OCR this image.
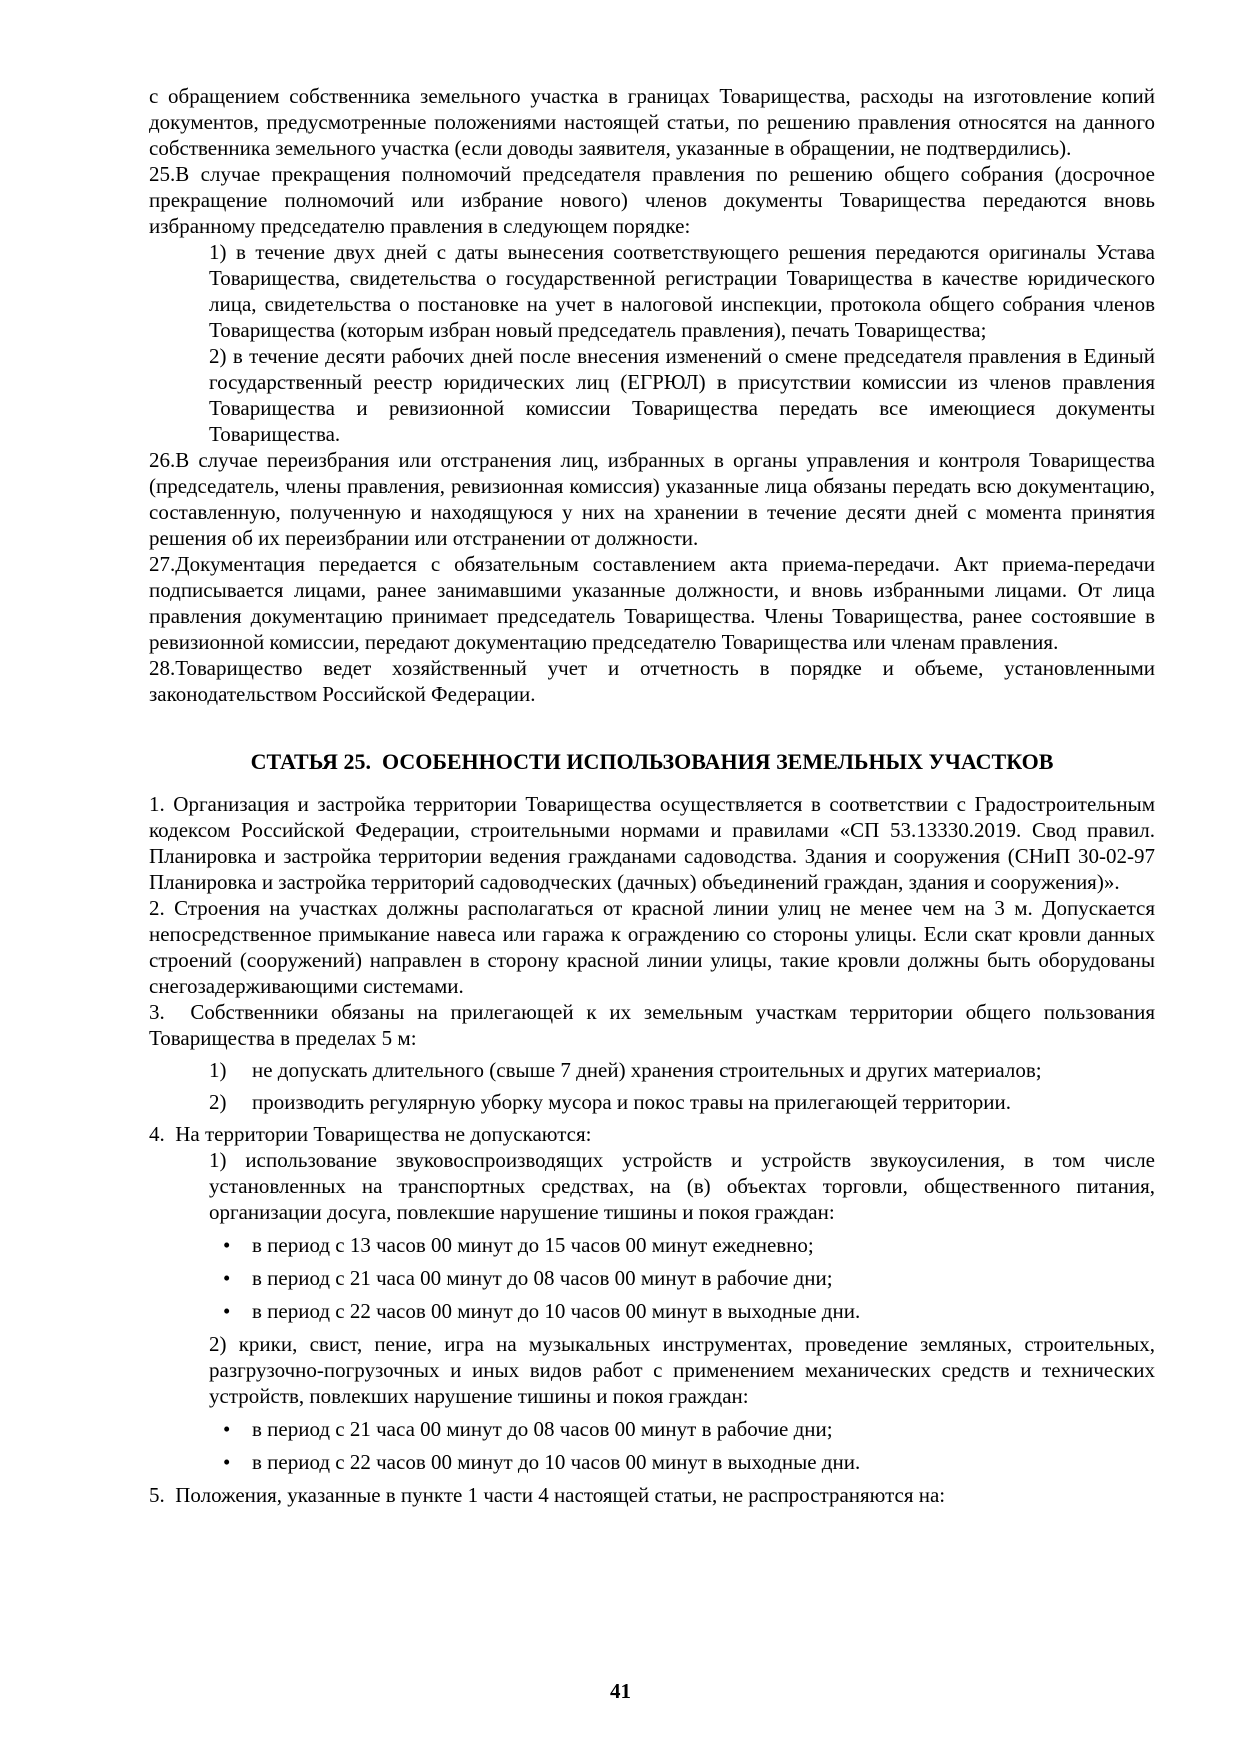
с обращением собственника земельного участка в границах Товарищества, расходы на изготовление копий документов, предусмотренные положениями настоящей статьи, по решению правления относятся на данного собственника земельного участка (если доводы заявителя, указанные в обращении, не подтвердились).
25.В случае прекращения полномочий председателя правления по решению общего собрания (досрочное прекращение полномочий или избрание нового) членов документы Товарищества передаются вновь избранному председателю правления в следующем порядке:
1) в течение двух дней с даты вынесения соответствующего решения передаются оригиналы Устава Товарищества, свидетельства о государственной регистрации Товарищества в качестве юридического лица, свидетельства о постановке на учет в налоговой инспекции, протокола общего собрания членов Товарищества (которым избран новый председатель правления), печать Товарищества;
2) в течение десяти рабочих дней после внесения изменений о смене председателя правления в Единый государственный реестр юридических лиц (ЕГРЮЛ) в присутствии комиссии из членов правления Товарищества и ревизионной комиссии Товарищества передать все имеющиеся документы Товарищества.
26.В случае переизбрания или отстранения лиц, избранных в органы управления и контроля Товарищества (председатель, члены правления, ревизионная комиссия) указанные лица обязаны передать всю документацию, составленную, полученную и находящуюся у них на хранении в течение десяти дней с момента принятия решения об их переизбрании или отстранении от должности.
27.Документация передается с обязательным составлением акта приема-передачи. Акт приема-передачи подписывается лицами, ранее занимавшими указанные должности, и вновь избранными лицами. От лица правления документацию принимает председатель Товарищества. Члены Товарищества, ранее состоявшие в ревизионной комиссии, передают документацию председателю Товарищества или членам правления.
28.Товарищество ведет хозяйственный учет и отчетность в порядке и объеме, установленными законодательством Российской Федерации.
СТАТЬЯ 25.  ОСОБЕННОСТИ ИСПОЛЬЗОВАНИЯ ЗЕМЕЛЬНЫХ УЧАСТКОВ
1. Организация и застройка территории Товарищества осуществляется в соответствии с Градостроительным кодексом Российской Федерации, строительными нормами и правилами «СП 53.13330.2019. Свод правил. Планировка и застройка территории ведения гражданами садоводства. Здания и сооружения (СНиП 30-02-97 Планировка и застройка территорий садоводческих (дачных) объединений граждан, здания и сооружения)».
2. Строения на участках должны располагаться от красной линии улиц не менее чем на 3 м. Допускается непосредственное примыкание навеса или гаража к ограждению со стороны улицы. Если скат кровли данных строений (сооружений) направлен в сторону красной линии улицы, такие кровли должны быть оборудованы снегозадерживающими системами.
3.  Собственники обязаны на прилегающей к их земельным участкам территории общего пользования Товарищества в пределах 5 м:
1) не допускать длительного (свыше 7 дней) хранения строительных и других материалов;
2) производить регулярную уборку мусора и покос травы на прилегающей территории.
4.  На территории Товарищества не допускаются:
1) использование звуковоспроизводящих устройств и устройств звукоусиления, в том числе установленных на транспортных средствах, на (в) объектах торговли, общественного питания, организации досуга, повлекшие нарушение тишины и покоя граждан:
• в период с 13 часов 00 минут до 15 часов 00 минут ежедневно;
• в период с 21 часа 00 минут до 08 часов 00 минут в рабочие дни;
• в период с 22 часов 00 минут до 10 часов 00 минут в выходные дни.
2) крики, свист, пение, игра на музыкальных инструментах, проведение земляных, строительных, разгрузочно-погрузочных и иных видов работ с применением механических средств и технических устройств, повлекших нарушение тишины и покоя граждан:
• в период с 21 часа 00 минут до 08 часов 00 минут в рабочие дни;
• в период с 22 часов 00 минут до 10 часов 00 минут в выходные дни.
5.  Положения, указанные в пункте 1 части 4 настоящей статьи, не распространяются на:
41
